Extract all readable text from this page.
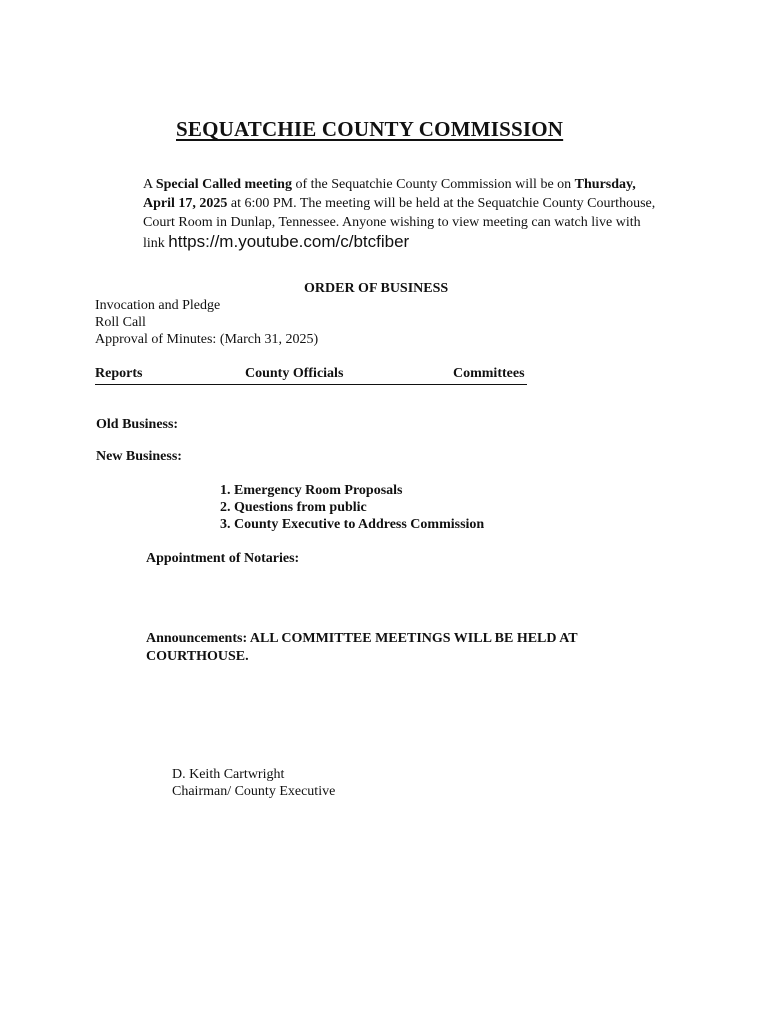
SEQUATCHIE COUNTY COMMISSION
A Special Called meeting of the Sequatchie County Commission will be on Thursday, April 17, 2025 at 6:00 PM. The meeting will be held at the Sequatchie County Courthouse, Court Room in Dunlap, Tennessee. Anyone wishing to view meeting can watch live with link https://m.youtube.com/c/btcfiber
ORDER OF BUSINESS
Invocation and Pledge
Roll Call
Approval of Minutes: (March 31, 2025)
Reports	County Officials	Committees
Old Business:
New Business:
1. Emergency Room Proposals
2. Questions from public
3. County Executive to Address Commission
Appointment of Notaries:
Announcements: ALL COMMITTEE MEETINGS WILL BE HELD AT COURTHOUSE.
D. Keith Cartwright
Chairman/ County Executive
